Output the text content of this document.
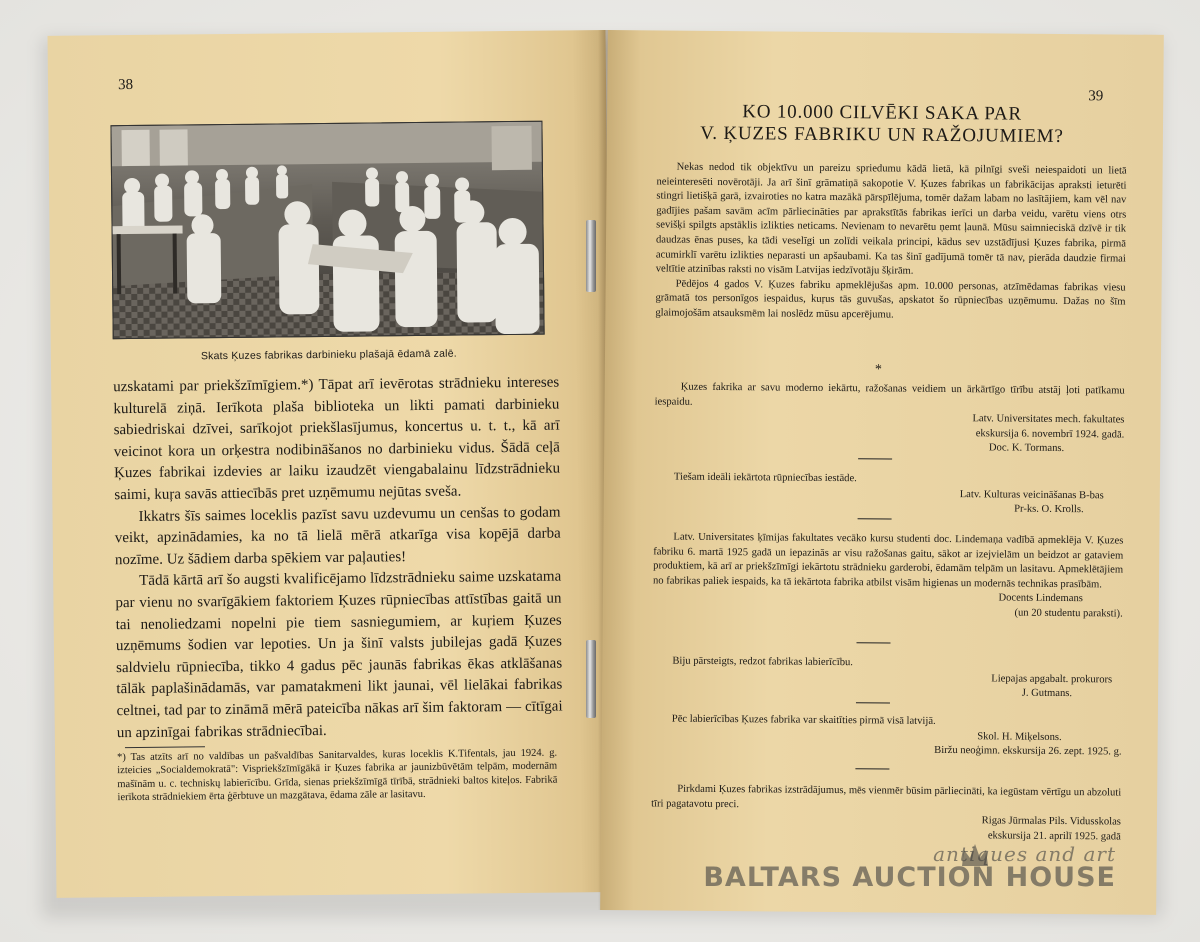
38
Skats Ķuzes fabrikas darbinieku plašajā ēdamā zalē.

uzskatami par priekšzīmīgiem.*) Tāpat arī ievērotas strādnieku intereses kulturelā ziņā. Ierīkota plaša biblioteka un likti pamati darbinieku sabiedriskai dzīvei, sarīkojot priekšlasījumus, koncertus u. t. t., kā arī veicinot kora un orķestra nodibināšanos no darbinieku vidus. Šādā ceļā Ķuzes fabrikai izdevies ar laiku izaudzēt viengabalainu līdzstrādnieku saimi, kuŗa savās attiecībās pret uzņēmumu nejūtas sveša.

Ikkatrs šīs saimes loceklis pazīst savu uzdevumu un cenšas to godam veikt, apzinādamies, ka no tā lielā mērā atkarīga visa kopējā darba nozīme. Uz šādiem darba spēkiem var paļauties!

Tādā kārtā arī šo augsti kvalificējamo līdzstrādnieku saime uzskatama par vienu no svarīgākiem faktoriem Ķuzes rūpniecības attīstības gaitā un tai nenoliedzami nopelni pie tiem sasniegumiem, ar kuŗiem Ķuzes uzņēmums šodien var lepoties. Un ja šinī valsts jubilejas gadā Ķuzes saldvielu rūpniecība, tikko 4 gadus pēc jaunās fabrikas ēkas atklāšanas tālāk paplašinādamās, var pamatakmeni likt jaunai, vēl lielākai fabrikas celtnei, tad par to zināmā mērā pateicība nākas arī šim faktoram — cītīgai un apzinīgai fabrikas strādniecībai.

*) Tas atzīts arī no valdības un pašvaldības Sanitarvaldes, kuras loceklis K.Tifentals, jau 1924. g. izteicies „Socialdemokratā": Vispriekšzīmīgākā ir Ķuzes fabrika ar jaunizbūvētām telpām, modernām mašīnām u. c. techniskų labierīcību. Grīda, sienas priekšzīmīgā tīrībā, strādnieki baltos kiteļos. Fabrikā ierīkota strādniekiem ērta ģērbtuve un mazgātava, ēdama zāle ar lasitavu.
39
KO 10.000 CILVĒKI SAKA PAR
V. ĶUZES FABRIKU UN RAŽOJUMIEM?

Nekas nedod tik objektīvu un pareizu spriedumu kādā lietā, kā pilnīgi sveši neiespaidoti un lietā neieinteresēti novērotāji. Ja arī šinī grāmatiņā sakopotie V. Ķuzes fabrikas un fabrikācijas apraksti ieturēti stingri lietišķā garā, izvairoties no katra mazākā pārspīlējuma, tomēr dažam labam no lasītājiem, kam vēl nav gadījies pašam savām acīm pārliecināties par aprakstītās fabrikas ierīci un darba veidu, varētu viens otrs sevišķi spilgts apstāklis izlikties neticams. Nevienam to nevarētu ņemt ļaunā. Mūsu saimnieciskā dzīvē ir tik daudzas ēnas puses, ka tādi veselīgi un zolīdi veikala principi, kādus sev uzstādījusi Ķuzes fabrika, pirmā acumirklī varētu izlikties neparasti un apšaubami. Ka tas šinī gadījumā tomēr tā nav, pierāda daudzie firmai veltītie atzinības raksti no visām Latvijas iedzīvotāju šķirām.

Pēdējos 4 gados V. Ķuzes fabriku apmeklējušas apm. 10.000 personas, atzīmēdamas fabrikas viesu grāmatā tos personīgos iespaidus, kuŗus tās guvušas, apskatot šo rūpniecības uzņēmumu. Dažas no šīm glaimojošām atsauksmēm lai noslēdz mūsu apcerējumu.

*
Ķuzes fakrika ar savu moderno iekārtu, ražošanas veidiem un ārkārtīgo tīrību atstāj ļoti patīkamu iespaidu.
Latv. Universitates mech. fakultates
ekskursija 6. novembrī 1924. gadā.
Doc. K. Tormans.
Tiešam ideāli iekārtota rūpniecības iestāde.
Latv. Kulturas veicināšanas B-bas
Pr-ks. O. Krolls.
Latv. Universitates ķīmijas fakultates vecāko kursu studenti doc. Lindemaņa vadībā apmeklēja V. Ķuzes fabriku 6. martā 1925 gadā un iepazinās ar visu ražošanas gaitu, sākot ar izejvielām un beidzot ar gataviem produktiem, kā arī ar priekšzīmīgi iekārtotu strādnieku garderobi, ēdamām telpām un lasitavu. Apmeklētājiem no fabrikas paliek iespaids, ka tā iekārtota fabrika atbilst visām higienas un modernās technikas prasībām.
Docents Lindemans
(un 20 studentu paraksti).
Biju pārsteigts, redzot fabrikas labierīcību.
Liepajas apgabalt. prokurors
J. Gutmans.
Pēc labierīcības Ķuzes fabrika var skaitīties pirmā visā latvijā.
Skol. H. Miķelsons.
Biržu neoģimn. ekskursija 26. zept. 1925. g.
Pirkdami Ķuzes fabrikas izstrādājumus, mēs vienmēr būsim pārliecināti, ka iegūstam vērtīgu un abzoluti tīri pagatavotu preci.
Rigas Jūrmalas Pils. Vidusskolas
ekskursija 21. aprilī 1925. gadā
antiques and art
BALTARS AUCTION HOUSE
